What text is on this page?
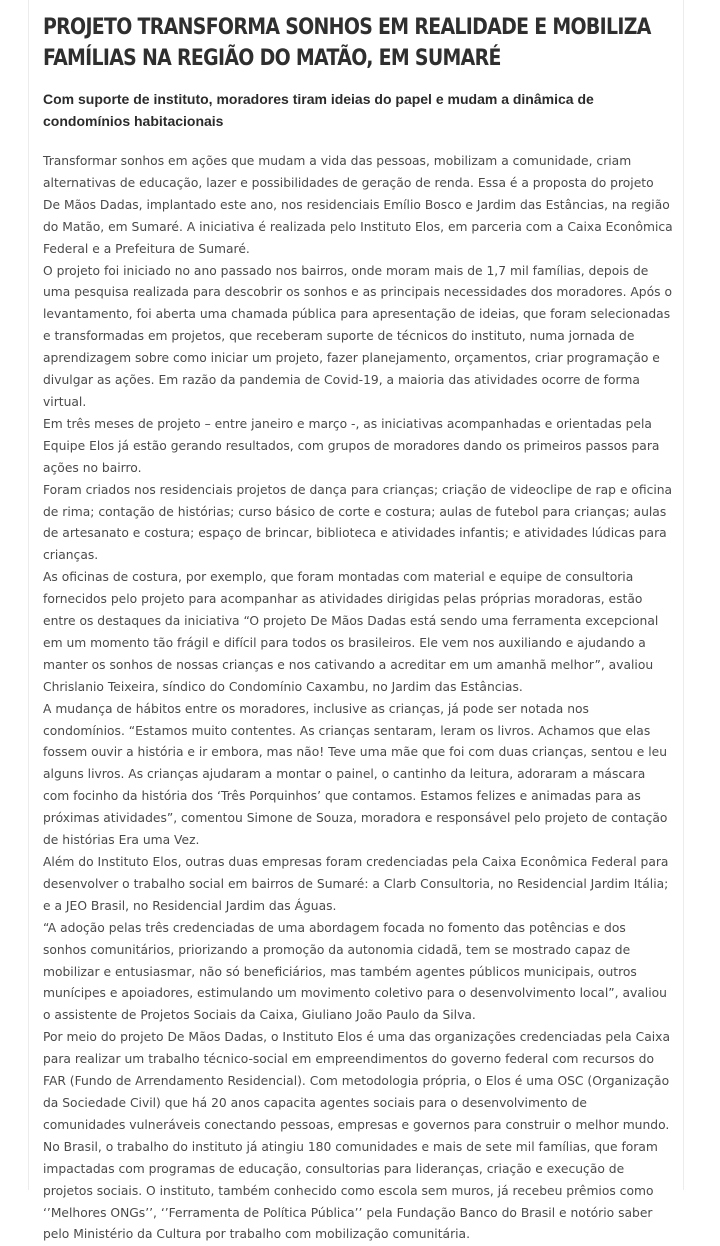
PROJETO TRANSFORMA SONHOS EM REALIDADE E MOBILIZA FAMÍLIAS NA REGIÃO DO MATÃO, EM SUMARÉ
Com suporte de instituto, moradores tiram ideias do papel e mudam a dinâmica de condomínios habitacionais

Transformar sonhos em ações que mudam a vida das pessoas, mobilizam a comunidade, criam alternativas de educação, lazer e possibilidades de geração de renda. Essa é a proposta do projeto De Mãos Dadas, implantado este ano, nos residenciais Emílio Bosco e Jardim das Estâncias, na região do Matão, em Sumaré. A iniciativa é realizada pelo Instituto Elos, em parceria com a Caixa Econômica Federal e a Prefeitura de Sumaré.

O projeto foi iniciado no ano passado nos bairros, onde moram mais de 1,7 mil famílias, depois de uma pesquisa realizada para descobrir os sonhos e as principais necessidades dos moradores. Após o levantamento, foi aberta uma chamada pública para apresentação de ideias, que foram selecionadas e transformadas em projetos, que receberam suporte de técnicos do instituto, numa jornada de aprendizagem sobre como iniciar um projeto, fazer planejamento, orçamentos, criar programação e divulgar as ações. Em razão da pandemia de Covid-19, a maioria das atividades ocorre de forma virtual.

Em três meses de projeto – entre janeiro e março -, as iniciativas acompanhadas e orientadas pela Equipe Elos já estão gerando resultados, com grupos de moradores dando os primeiros passos para ações no bairro.

Foram criados nos residenciais projetos de dança para crianças; criação de videoclipe de rap e oficina de rima; contação de histórias; curso básico de corte e costura; aulas de futebol para crianças; aulas de artesanato e costura; espaço de brincar, biblioteca e atividades infantis; e atividades lúdicas para crianças.

As oficinas de costura, por exemplo, que foram montadas com material e equipe de consultoria fornecidos pelo projeto para acompanhar as atividades dirigidas pelas próprias moradoras, estão entre os destaques da iniciativa “O projeto De Mãos Dadas está sendo uma ferramenta excepcional em um momento tão frágil e difícil para todos os brasileiros. Ele vem nos auxiliando e ajudando a manter os sonhos de nossas crianças e nos cativando a acreditar em um amanhã melhor”, avaliou Chrislanio Teixeira, síndico do Condomínio Caxambu, no Jardim das Estâncias.

A mudança de hábitos entre os moradores, inclusive as crianças, já pode ser notada nos condomínios. “Estamos muito contentes. As crianças sentaram, leram os livros. Achamos que elas fossem ouvir a história e ir embora, mas não! Teve uma mãe que foi com duas crianças, sentou e leu alguns livros. As crianças ajudaram a montar o painel, o cantinho da leitura, adoraram a máscara com focinho da história dos ‘Três Porquinhos’ que contamos. Estamos felizes e animadas para as próximas atividades”, comentou Simone de Souza, moradora e responsável pelo projeto de contação de histórias Era uma Vez.

Além do Instituto Elos, outras duas empresas foram credenciadas pela Caixa Econômica Federal para desenvolver o trabalho social em bairros de Sumaré: a Clarb Consultoria, no Residencial Jardim Itália; e a JEO Brasil, no Residencial Jardim das Águas.

“A adoção pelas três credenciadas de uma abordagem focada no fomento das potências e dos sonhos comunitários, priorizando a promoção da autonomia cidadã, tem se mostrado capaz de mobilizar e entusiasmar, não só beneficiários, mas também agentes públicos municipais, outros munícipes e apoiadores, estimulando um movimento coletivo para o desenvolvimento local”, avaliou o assistente de Projetos Sociais da Caixa, Giuliano João Paulo da Silva.

Por meio do projeto De Mãos Dadas, o Instituto Elos é uma das organizações credenciadas pela Caixa para realizar um trabalho técnico-social em empreendimentos do governo federal com recursos do FAR (Fundo de Arrendamento Residencial). Com metodologia própria, o Elos é uma OSC (Organização da Sociedade Civil) que há 20 anos capacita agentes sociais para o desenvolvimento de comunidades vulneráveis conectando pessoas, empresas e governos para construir o melhor mundo.

No Brasil, o trabalho do instituto já atingiu 180 comunidades e mais de sete mil famílias, que foram impactadas com programas de educação, consultorias para lideranças, criação e execução de projetos sociais. O instituto, também conhecido como escola sem muros, já recebeu prêmios como ‘’Melhores ONGs’’, ‘’Ferramenta de Política Pública’’ pela Fundação Banco do Brasil e notório saber pelo Ministério da Cultura por trabalho com mobilização comunitária.
